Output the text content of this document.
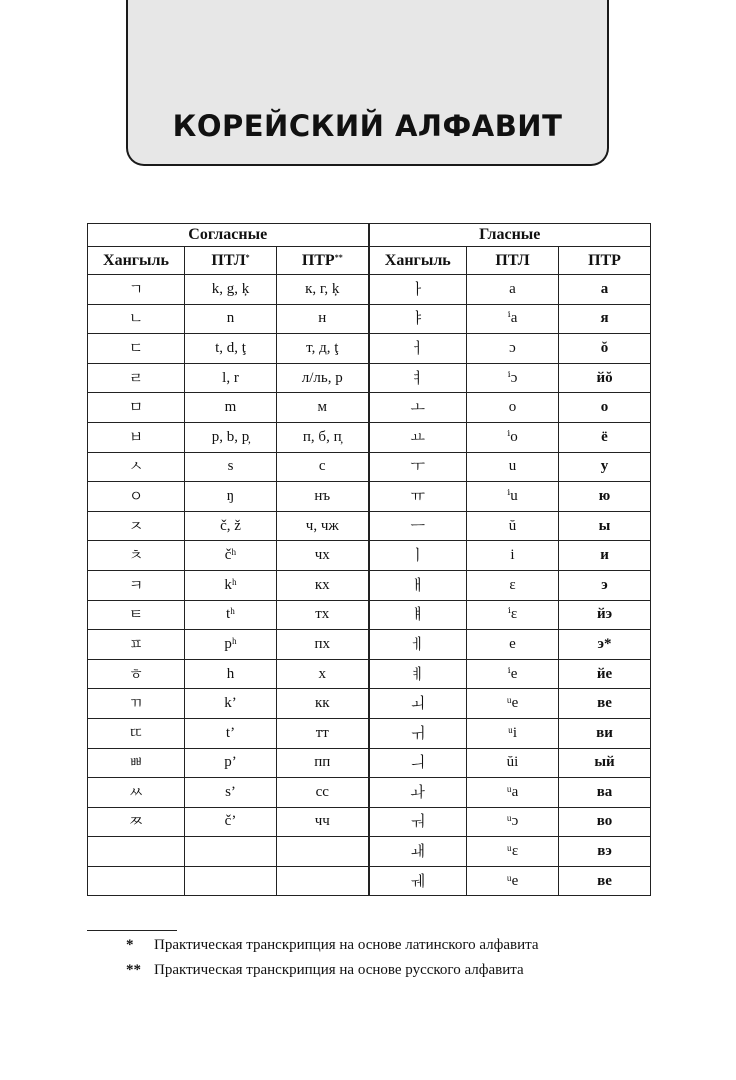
КОРЕЙСКИЙ АЛФАВИТ
Согласные			Гласные		
Хангыль	ПТЛ*	ПТР**	Хангыль	ПТЛ	ПТР
ㄱ	k, g, ķ	к, г, ķ	ㅏ	a	а
ㄴ	n	н	ㅑ	ⁱa	я
ㄷ	t, d, ţ	т, д, ţ	ㅓ	ɔ	ŏ
ㄹ	l, r	л/ль, р	ㅕ	ⁱɔ	йŏ
ㅁ	m	м	ㅗ	o	о
ㅂ	p, b, p̦	п, б, п̦	ㅛ	ⁱo	ё
ㅅ	s	с	ㅜ	u	у
ㅇ	ŋ	нъ	ㅠ	ⁱu	ю
ㅈ	č, ž	ч, чж	ㅡ	ŭ	ы
ㅊ	čʰ	чх	ㅣ	i	и
ㅋ	kʰ	кх	ㅐ	ɛ	э
ㅌ	tʰ	тх	ㅒ	ⁱɛ	йэ
ㅍ	pʰ	пх	ㅔ	e	э*
ㅎ	h	х	ㅖ	ⁱe	йе
ㄲ	k’	кк	ㅚ	ᵘe	ве
ㄸ	t’	тт	ㅟ	ᵘi	ви
ㅃ	p’	пп	ㅢ	ŭi	ый
ㅆ	s’	сс	ㅘ	ᵘa	ва
ㅉ	č’	чч	ㅝ	ᵘɔ	во
			ㅙ	ᵘɛ	вэ
			ㅞ	ᵘe	ве
* Практическая транскрипция на основе латинского алфавита
** Практическая транскрипция на основе русского алфавита
